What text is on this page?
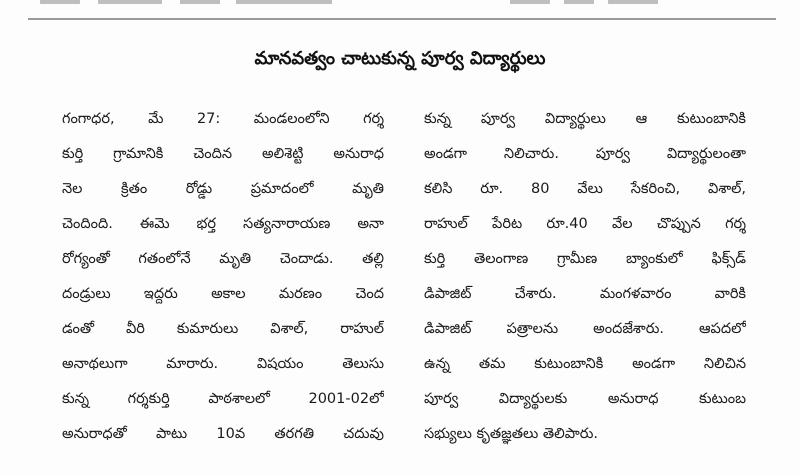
మానవత్వం చాటుకున్న పూర్వ విద్యార్థులు
గంగాధర, మే 27: మండలంలోని గర్శ
కుర్తి గ్రామానికి చెందిన అలిశెట్టి అనురాధ
నెల క్రితం రోడ్డు ప్రమాదంలో మృతి
చెందింది. ఈమె భర్త సత్యనారాయణ అనా
రోగ్యంతో గతంలోనే మృతి చెందాడు. తల్లి
దండ్రులు ఇద్దరు అకాల మరణం చెంద
డంతో వీరి కుమారులు విశాల్, రాహుల్
అనాథలుగా మారారు. విషయం తెలుసు
కున్న గర్శకుర్తి పాఠశాలలో 2001-02లో
అనురాధతో పాటు 10వ తరగతి చదువు
కున్న పూర్వ విద్యార్థులు ఆ కుటుంబానికి
అండగా నిలిచారు. పూర్వ విద్యార్థులంతా
కలిసి రూ. 80 వేలు సేకరించి, విశాల్,
రాహుల్ పేరిట రూ.40 వేల చొప్పున గర్శ
కుర్తి తెలంగాణ గ్రామీణ బ్యాంకులో ఫిక్స్‌డ్
డిపాజిట్ చేశారు. మంగళవారం వారికి
డిపాజిట్ పత్రాలను అందజేశారు. ఆపదలో
ఉన్న తమ కుటుంబానికి అండగా నిలిచిన
పూర్వ విద్యార్థులకు అనురాధ కుటుంబ
సభ్యులు కృతజ్ఞతలు తెలిపారు.
